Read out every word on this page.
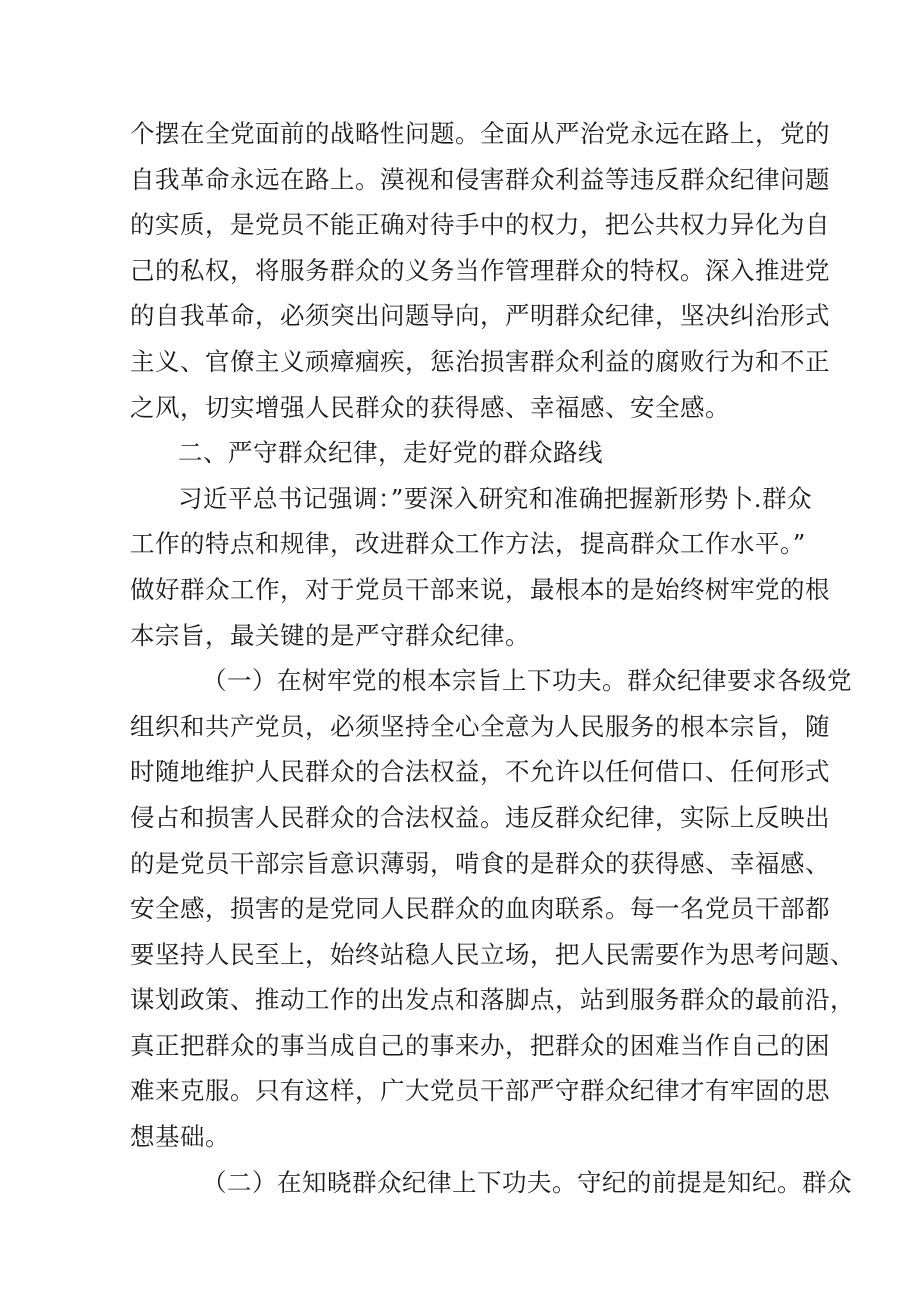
个摆在全党面前的战略性问题。全面从严治党永远在路上，党的
自我革命永远在路上。漠视和侵害群众利益等违反群众纪律问题
的实质，是党员不能正确对待手中的权力，把公共权力异化为自
己的私权，将服务群众的义务当作管理群众的特权。深入推进党
的自我革命，必须突出问题导向，严明群众纪律，坚决纠治形式
主义、官僚主义顽瘴痼疾，惩治损害群众利益的腐败行为和不正
之风，切实增强人民群众的获得感、幸福感、安全感。
二、严守群众纪律，走好党的群众路线
习近平总书记强调：”要深入研究和准确把握新形势卜.群众
工作的特点和规律，改进群众工作方法，提高群众工作水平。”
做好群众工作，对于党员干部来说，最根本的是始终树牢党的根
本宗旨，最关键的是严守群众纪律。
（一）在树牢党的根本宗旨上下功夫。群众纪律要求各级党
组织和共产党员，必须坚持全心全意为人民服务的根本宗旨，随
时随地维护人民群众的合法权益，不允许以任何借口、任何形式
侵占和损害人民群众的合法权益。违反群众纪律，实际上反映出
的是党员干部宗旨意识薄弱，啃食的是群众的获得感、幸福感、
安全感，损害的是党同人民群众的血肉联系。每一名党员干部都
要坚持人民至上，始终站稳人民立场，把人民需要作为思考问题、
谋划政策、推动工作的出发点和落脚点，站到服务群众的最前沿，
真正把群众的事当成自己的事来办，把群众的困难当作自己的困
难来克服。只有这样，广大党员干部严守群众纪律才有牢固的思
想基础。
（二）在知晓群众纪律上下功夫。守纪的前提是知纪。群众
